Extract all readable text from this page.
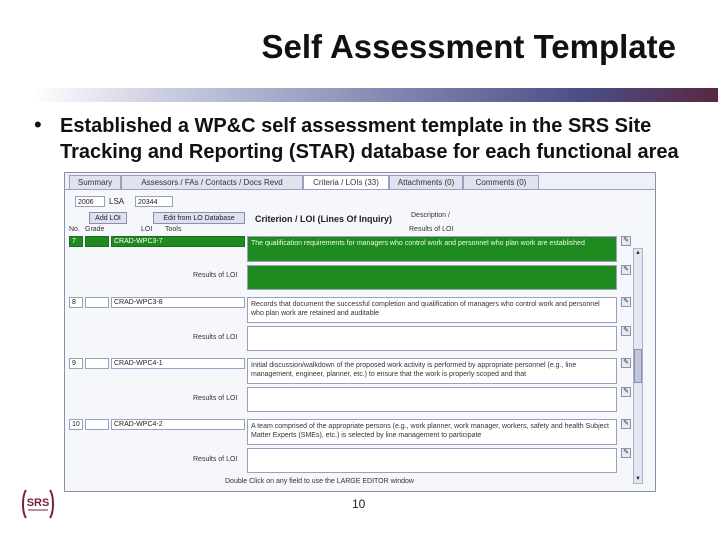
Self Assessment Template
•
Summary	Assessors / FAs / Contacts / Docs Revd	Criteria / LOIs (33)	Attachments (0)	Comments (0)
2006	LSA	20344
Add LOI	Edit from LO Database	Criterion / LOI (Lines Of Inquiry)
No. Grade	LOI Tools
Description /
Results of LOI
7	CRAD-WPC3-7	The qualification requirements for managers who control work and personnel who plan work are established	✎
Results of LOI
✎
8	CRAD-WPC3-8	Records that document the successful completion and qualification of managers who control work and personnel who plan work are retained and auditable
✎
Results of LOI
✎
9	CRAD-WPC4-1	Initial discussion/walkdown of the proposed work activity is performed by appropriate personnel (e.g., line management, engineer, planner, etc.) to ensure that the work is properly scoped and that
✎
Results of LOI
✎
10	CRAD-WPC4-2	A team comprised of the appropriate persons (e.g., work planner, work manager, workers, safety and health Subject Matter Experts (SMEs), etc.) is selected by line management to participate
✎
Results of LOI
✎
▲
▼
Double Click on any field to use the LARGE EDITOR window

Established a WP&C self assessment template in the SRS Site Tracking and Reporting (STAR) database for each functional area

SRS	10
